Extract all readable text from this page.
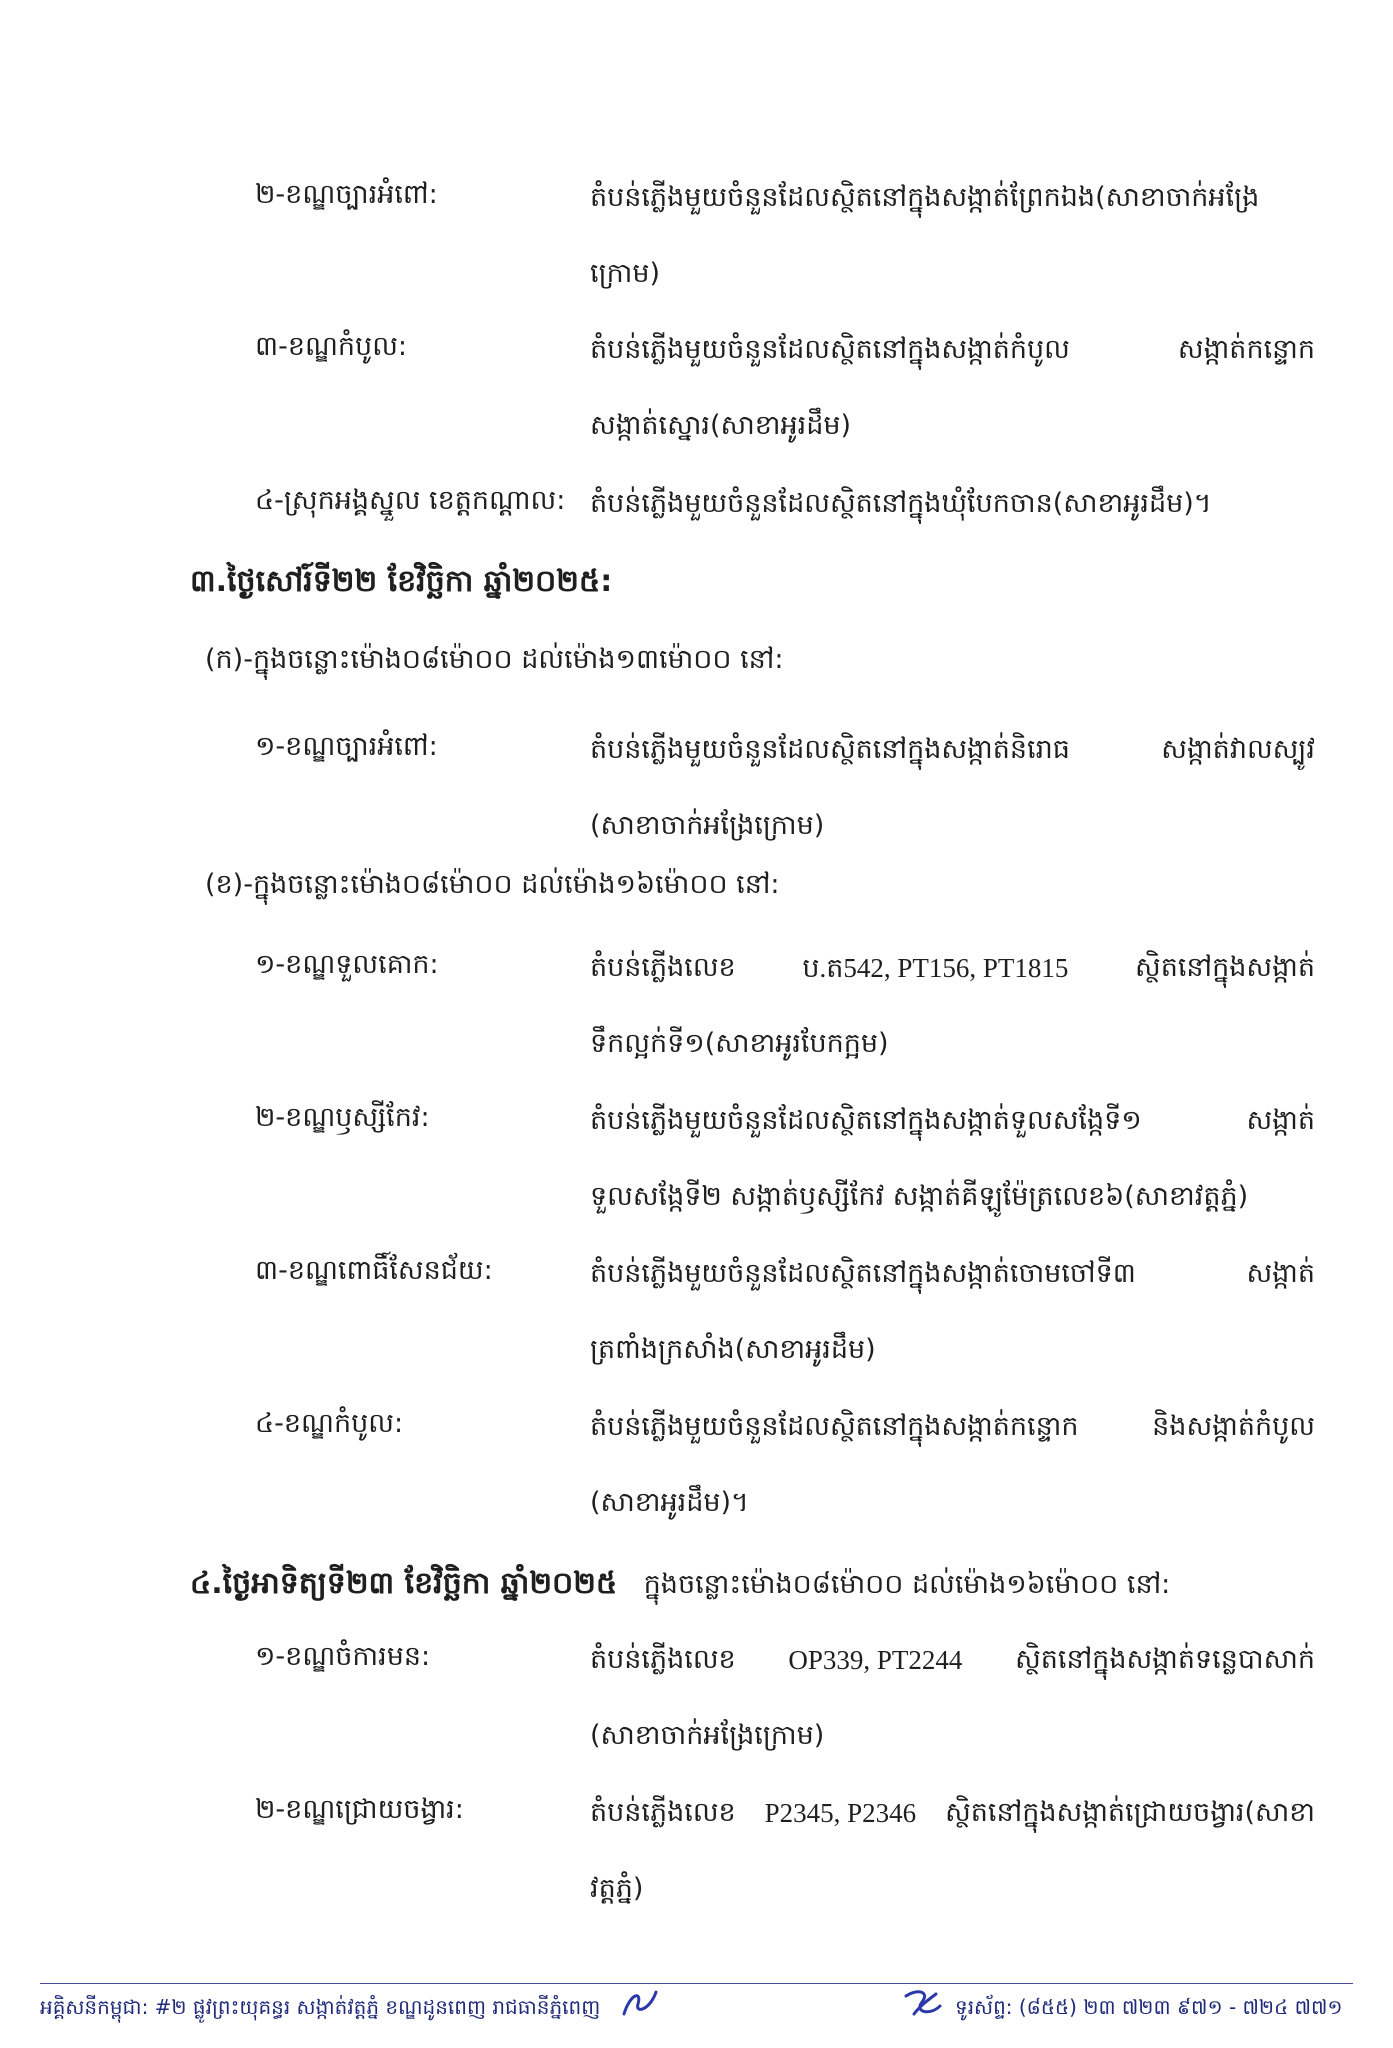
២-ខណ្ឌច្បារអំពៅ:	តំបន់ភ្លើងមួយចំនួនដែលស្ថិតនៅក្នុងសង្កាត់ព្រែកឯង(សាខាចាក់អង្រែ
ក្រោម)
៣-ខណ្ឌកំបូល:	តំបន់ភ្លើងមួយចំនួនដែលស្ថិតនៅក្នុងសង្កាត់កំបូល	សង្កាត់កន្ទោក
សង្កាត់ស្នោរ(សាខាអូរដឹម)
៤-ស្រុកអង្គស្នួល ខេត្តកណ្ដាល: តំបន់ភ្លើងមួយចំនួនដែលស្ថិតនៅក្នុងឃុំបែកចាន(សាខាអូរដឹម)។
៣.ថ្ងៃសៅរ៍ទី២២ ខែវិច្ឆិកា ឆ្នាំ២០២៥:
(ក)-ក្នុងចន្លោះម៉ោង០៨ម៉ោ០០ ដល់ម៉ោង១៣ម៉ោ០០ នៅ:
១-ខណ្ឌច្បារអំពៅ:	តំបន់ភ្លើងមួយចំនួនដែលស្ថិតនៅក្នុងសង្កាត់និរោធ	សង្កាត់វាលស្បូវ
(សាខាចាក់អង្រែក្រោម)
(ខ)-ក្នុងចន្លោះម៉ោង០៨ម៉ោ០០ ដល់ម៉ោង១៦ម៉ោ០០ នៅ:
១-ខណ្ឌទួលគោក:	តំបន់ភ្លើងលេខ ប.ត542, PT156, PT1815 ស្ថិតនៅក្នុងសង្កាត់
ទឹកល្អក់ទី១(សាខាអូរបែកក្អម)
២-ខណ្ឌឫស្សីកែវ:	តំបន់ភ្លើងមួយចំនួនដែលស្ថិតនៅក្នុងសង្កាត់ទួលសង្កែទី១	សង្កាត់
ទួលសង្កែទី២ សង្កាត់ឫស្សីកែវ សង្កាត់គីឡូម៉ែត្រលេខ៦(សាខាវត្តភ្នំ)
៣-ខណ្ឌពោធិ៍សែនជ័យ:	តំបន់ភ្លើងមួយចំនួនដែលស្ថិតនៅក្នុងសង្កាត់ចោមចៅទី៣	សង្កាត់
ត្រពាំងក្រសាំង(សាខាអូរដឹម)
៤-ខណ្ឌកំបូល:	តំបន់ភ្លើងមួយចំនួនដែលស្ថិតនៅក្នុងសង្កាត់កន្ទោក	និងសង្កាត់កំបូល
(សាខាអូរដឹម)។
៤.ថ្ងៃអាទិត្យទី២៣ ខែវិច្ឆិកា ឆ្នាំ២០២៥ ក្នុងចន្លោះម៉ោង០៨ម៉ោ០០ ដល់ម៉ោង១៦ម៉ោ០០ នៅ:
១-ខណ្ឌចំការមន:	តំបន់ភ្លើងលេខ OP339, PT2244 ស្ថិតនៅក្នុងសង្កាត់ទន្លេបាសាក់
(សាខាចាក់អង្រែក្រោម)
២-ខណ្ឌជ្រោយចង្វារ:	តំបន់ភ្លើងលេខ P2345, P2346 ស្ថិតនៅក្នុងសង្កាត់ជ្រោយចង្វារ(សាខា
វត្តភ្នំ)
អគ្គិសនីកម្ពុជា: #២ ផ្លូវព្រះយុគន្ធរ សង្កាត់វត្តភ្នំ ខណ្ឌដូនពេញ រាជធានីភ្នំពេញ	ទូរស័ព្ទ: (៨៥៥) ២៣ ៧២៣ ៩៧១ - ៧២៤ ៧៧១
